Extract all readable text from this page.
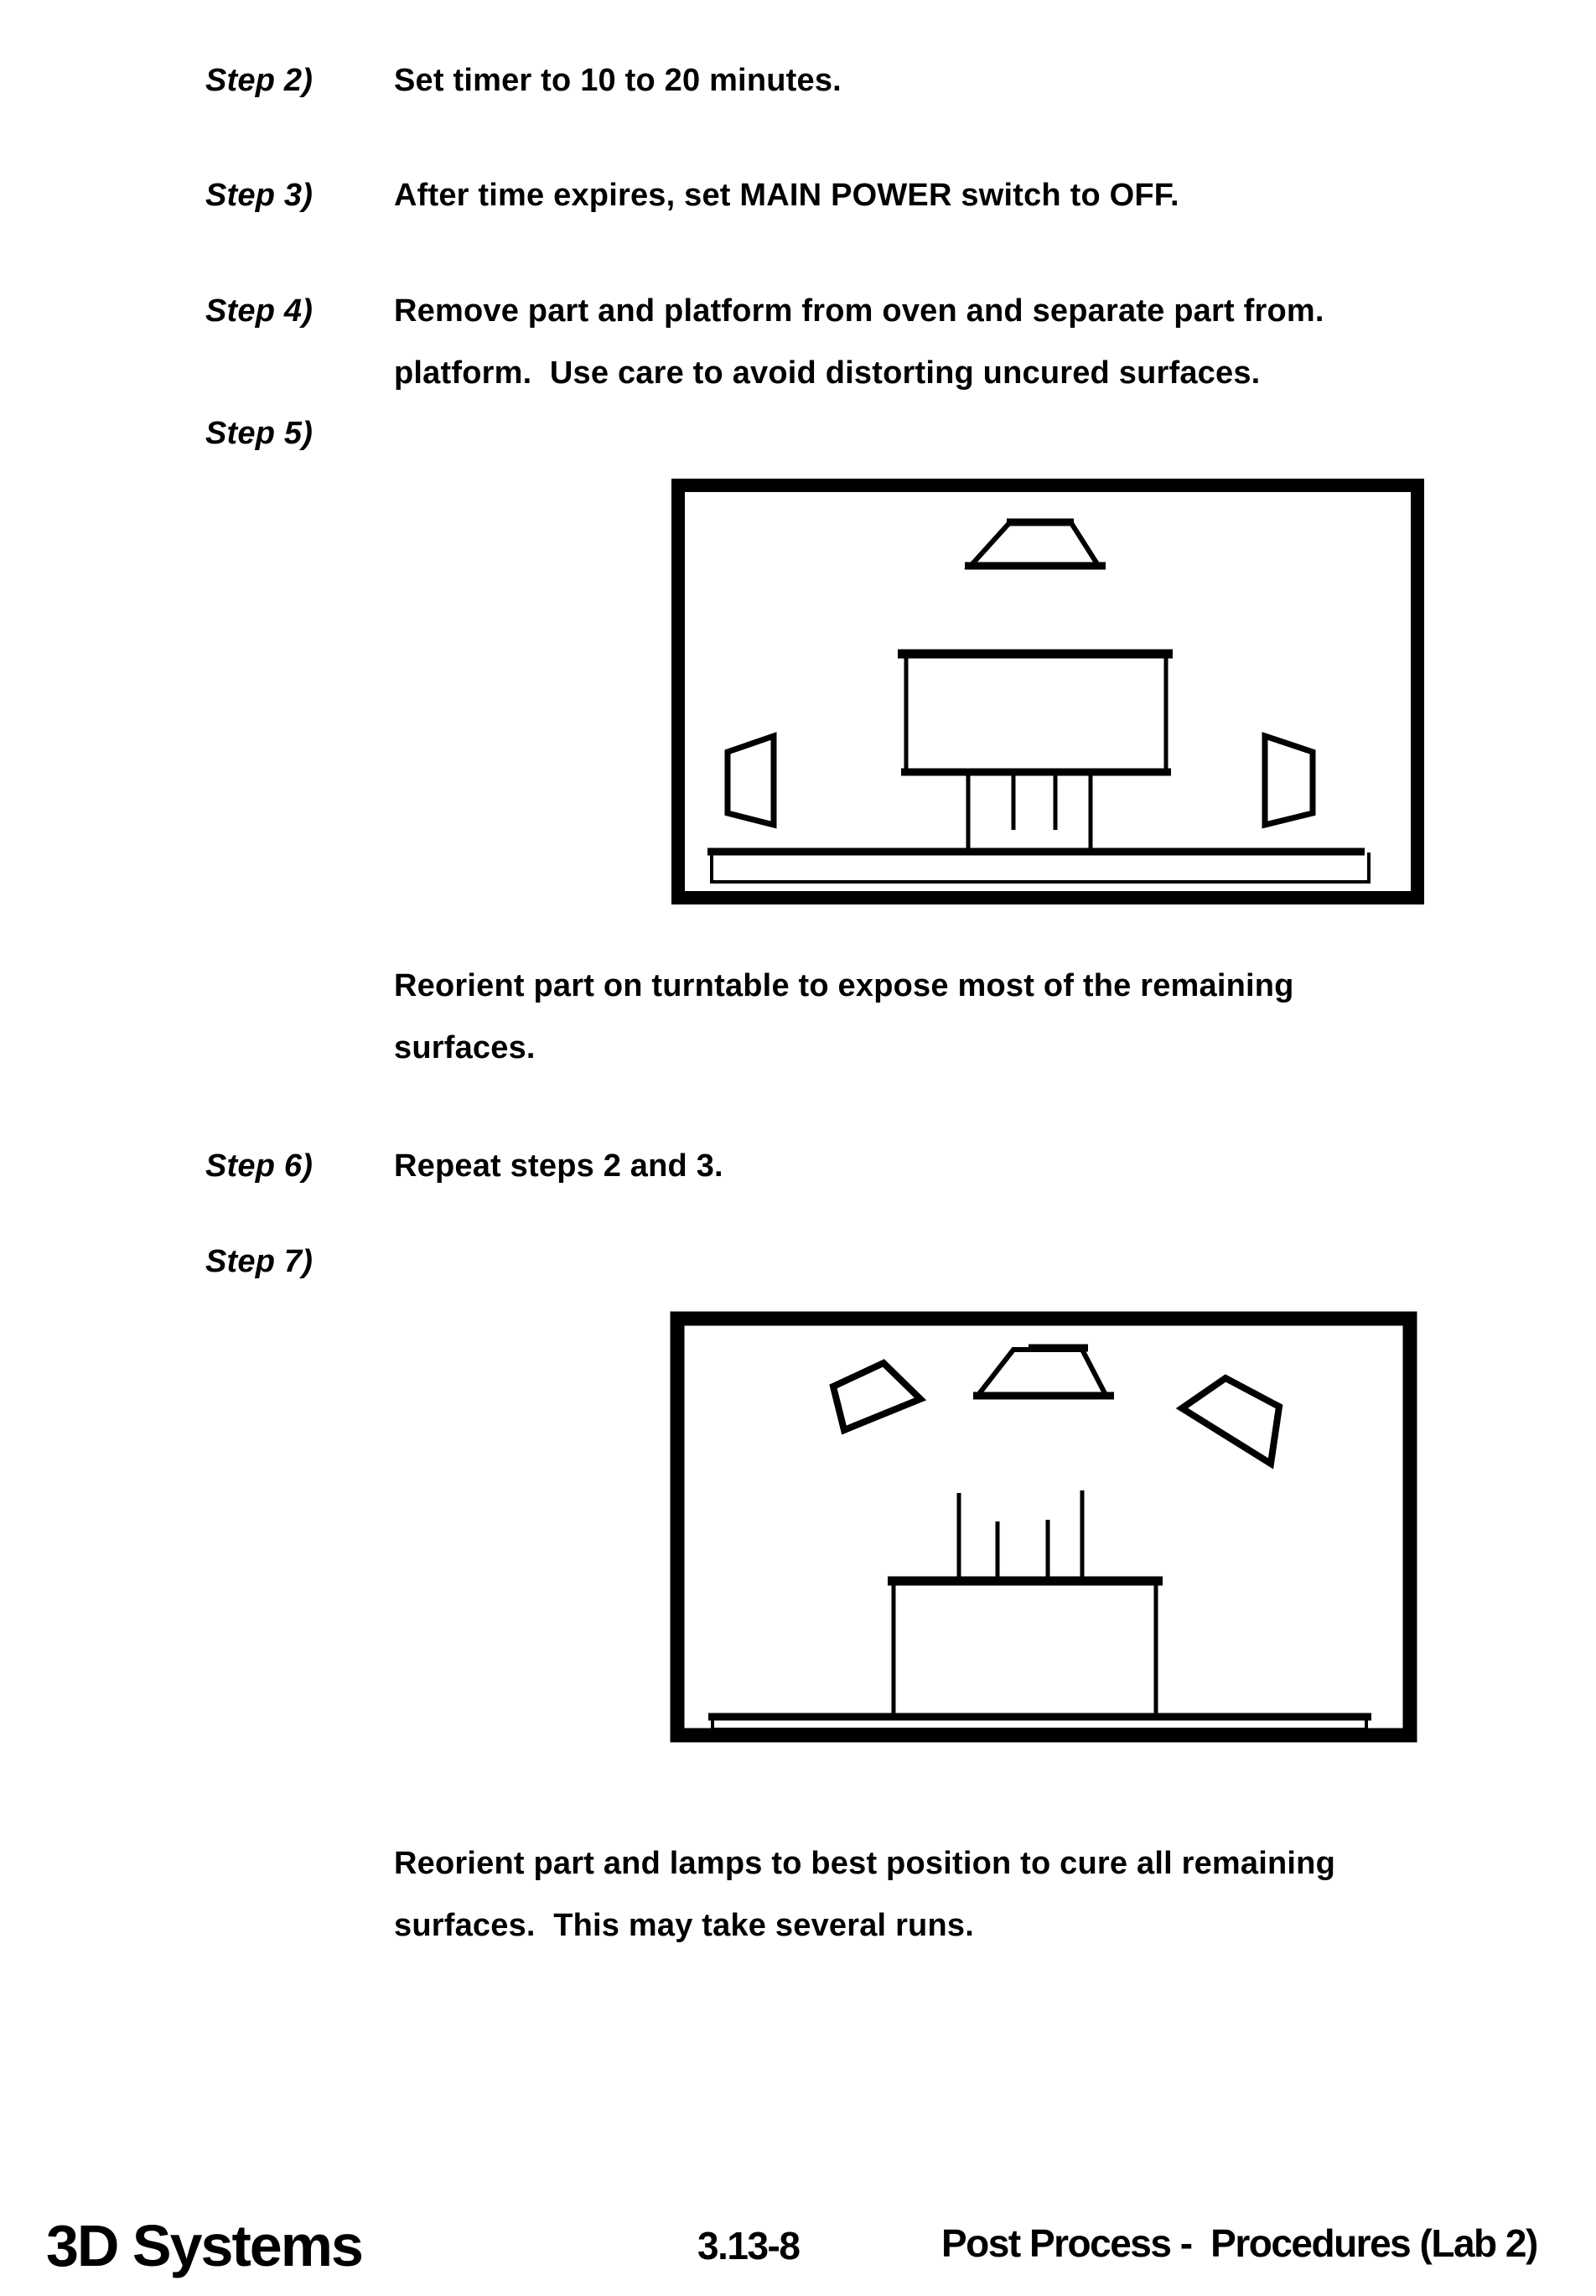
Step 2)	Set timer to 10 to 20 minutes.
Step 3)	After time expires, set MAIN POWER switch to OFF.
Step 4)	Remove part and platform from oven and separate part from.
platform.  Use care to avoid distorting uncured surfaces.
Step 5)
Reorient part on turntable to expose most of the remaining
surfaces.
Step 6)	Repeat steps 2 and 3.
Step 7)
Reorient part and lamps to best position to cure all remaining
surfaces.  This may take several runs.
3D Systems	3.13-8	Post Process -  Procedures (Lab 2)
